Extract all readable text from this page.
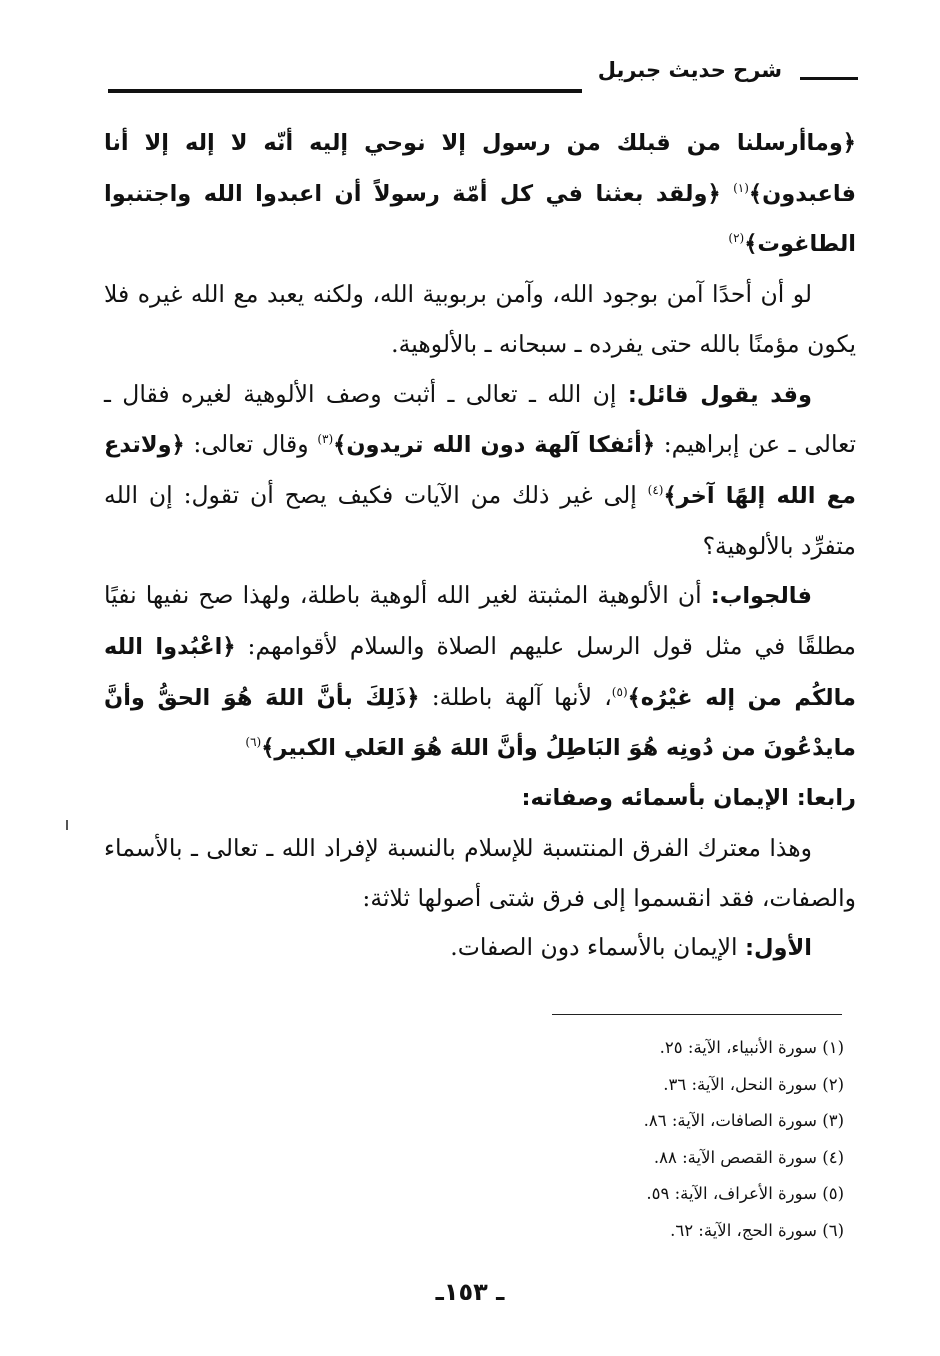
شرح حديث جبريل

﴿وماأرسلنا من قبلك من رسول إلا نوحي إليه أنّه لا إله إلا أنا فاعبدون﴾$^{(١)}$ ﴿ولقد بعثنا في كل أمّة رسولاً أن اعبدوا الله واجتنبوا الطاغوت﴾$^{(٢)}$

لو أن أحدًا آمن بوجود الله، وآمن بربوبية الله، ولكنه يعبد مع الله غيره فلا يكون مؤمنًا بالله حتى يفرده ـ سبحانه ـ بالألوهية.

وقد يقول قائل: إن الله ـ تعالى ـ أثبت وصف الألوهية لغيره فقال ـ تعالى ـ عن إبراهيم: ﴿أئفكا آلهة دون الله تريدون﴾$^{(٣)}$ وقال تعالى: ﴿ولاتدع مع الله إلهًا آخر﴾$^{(٤)}$ إلى غير ذلك من الآيات فكيف يصح أن تقول: إن الله متفرِّد بالألوهية؟

فالجواب: أن الألوهية المثبتة لغير الله ألوهية باطلة، ولهذا صح نفيها نفيًا مطلقًا في مثل قول الرسل عليهم الصلاة والسلام لأقوامهم: ﴿اعْبُدوا الله مالكُم من إله غيْرُه﴾$^{(٥)}$، لأنها آلهة باطلة: ﴿ذَلِكَ بأنَّ اللهَ هُوَ الحقُّ وأنَّ مايدْعُونَ من دُونِه هُوَ البَاطِلُ وأنَّ اللهَ هُوَ العَلي الكبير﴾$^{(٦)}$

رابعا: الإيمان بأسمائه وصفاته:

وهذا معترك الفرق المنتسبة للإسلام بالنسبة لإفراد الله ـ تعالى ـ بالأسماء والصفات، فقد انقسموا إلى فرق شتى أصولها ثلاثة:

الأول: الإيمان بالأسماء دون الصفات.

(١) سورة الأنبياء، الآية: ٢٥.
(٢) سورة النحل، الآية: ٣٦.
(٣) سورة الصافات، الآية: ٨٦.
(٤) سورة القصص الآية: ٨٨.
(٥) سورة الأعراف، الآية: ٥٩.
(٦) سورة الحج، الآية: ٦٢.
ـ ١٥٣ـ
